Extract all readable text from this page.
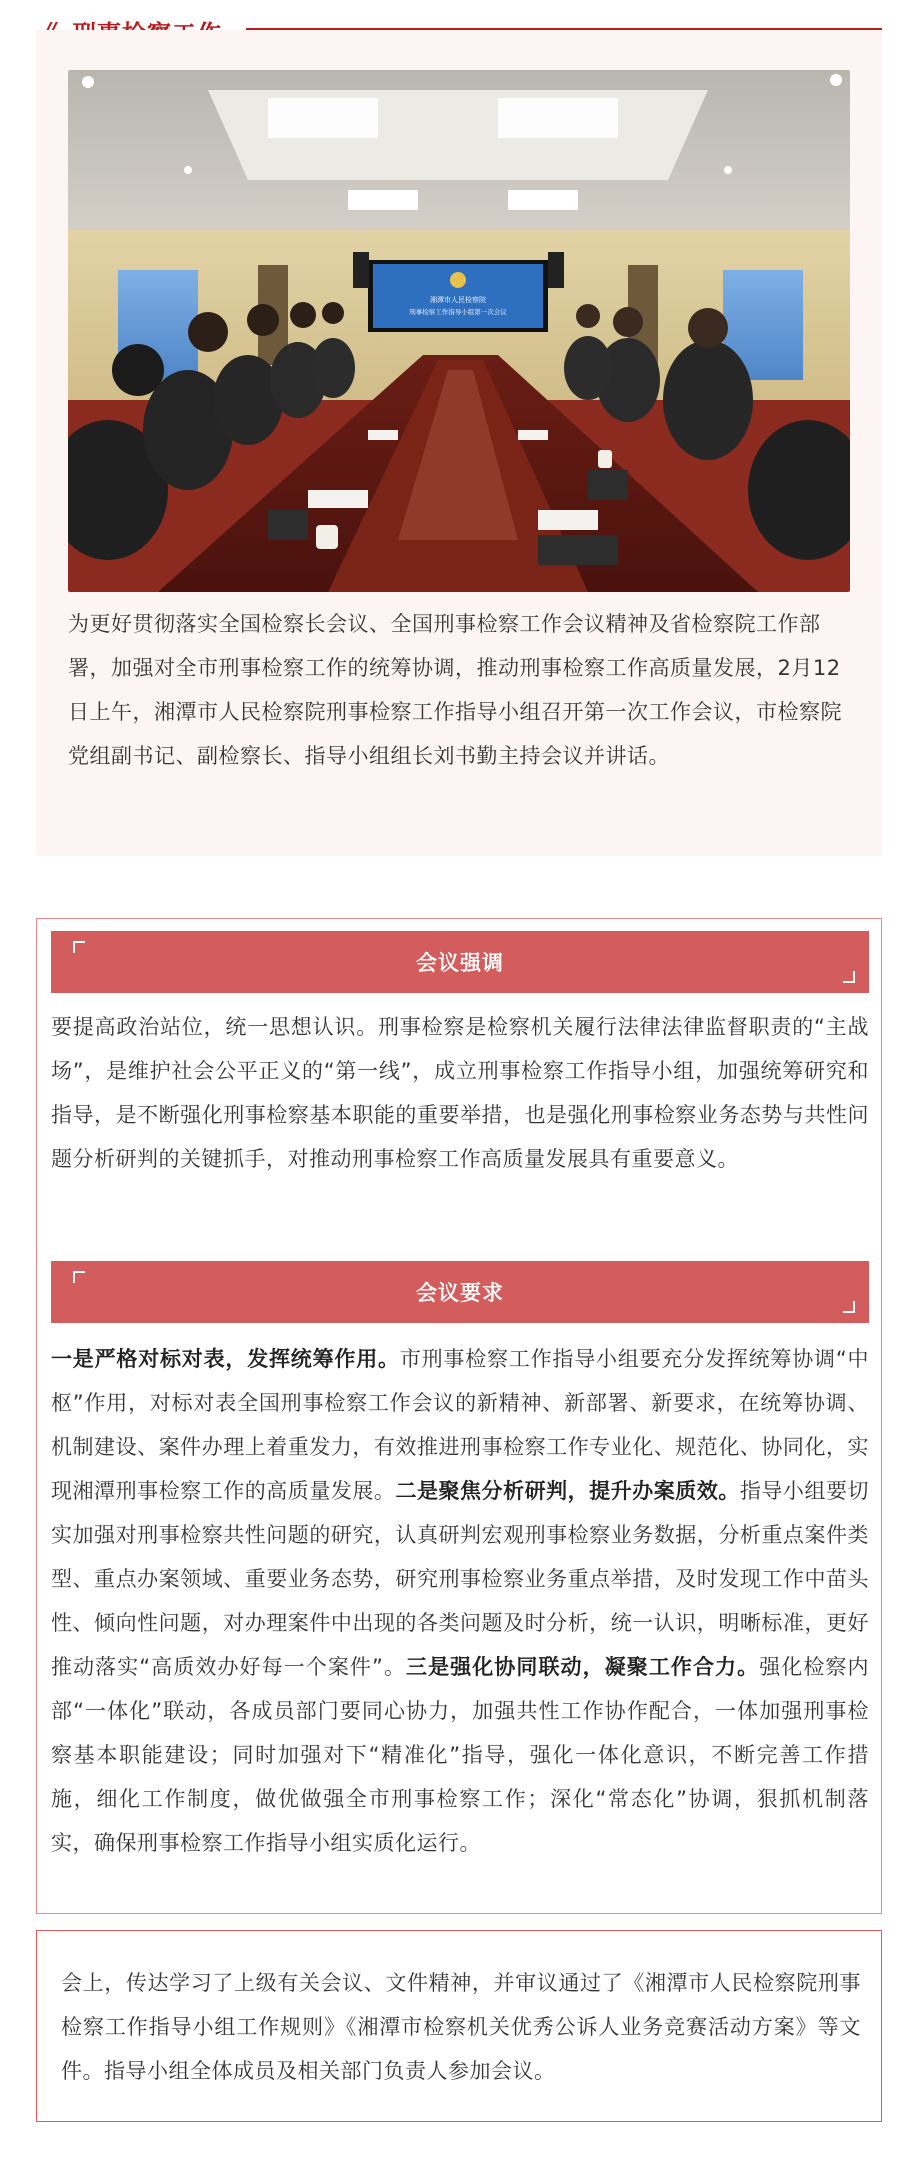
湘潭市人民检察院
刑事检察工作指导小组第一次会议
为更好贯彻落实全国检察长会议、全国刑事检察工作会议精神及省检察院工作部署，加强对全市刑事检察工作的统筹协调，推动刑事检察工作高质量发展，2月12日上午，湘潭市人民检察院刑事检察工作指导小组召开第一次工作会议，市检察院党组副书记、副检察长、指导小组组长刘书勤主持会议并讲话。
会议强调
要提高政治站位，统一思想认识。刑事检察是检察机关履行法律法律监督职责的“主战场”，是维护社会公平正义的“第一线”，成立刑事检察工作指导小组，加强统筹研究和指导，是不断强化刑事检察基本职能的重要举措，也是强化刑事检察业务态势与共性问题分析研判的关键抓手，对推动刑事检察工作高质量发展具有重要意义。
会议要求
一是严格对标对表，发挥统筹作用。市刑事检察工作指导小组要充分发挥统筹协调“中枢”作用，对标对表全国刑事检察工作会议的新精神、新部署、新要求，在统筹协调、机制建设、案件办理上着重发力，有效推进刑事检察工作专业化、规范化、协同化，实现湘潭刑事检察工作的高质量发展。二是聚焦分析研判，提升办案质效。指导小组要切实加强对刑事检察共性问题的研究，认真研判宏观刑事检察业务数据，分析重点案件类型、重点办案领域、重要业务态势，研究刑事检察业务重点举措，及时发现工作中苗头性、倾向性问题，对办理案件中出现的各类问题及时分析，统一认识，明晰标准，更好推动落实“高质效办好每一个案件”。三是强化协同联动，凝聚工作合力。强化检察内部“一体化”联动，各成员部门要同心协力，加强共性工作协作配合，一体加强刑事检察基本职能建设；同时加强对下“精准化”指导，强化一体化意识，不断完善工作措施，细化工作制度，做优做强全市刑事检察工作；深化“常态化”协调，狠抓机制落实，确保刑事检察工作指导小组实质化运行。
会上，传达学习了上级有关会议、文件精神，并审议通过了《湘潭市人民检察院刑事检察工作指导小组工作规则》《湘潭市检察机关优秀公诉人业务竞赛活动方案》等文件。指导小组全体成员及相关部门负责人参加会议。
